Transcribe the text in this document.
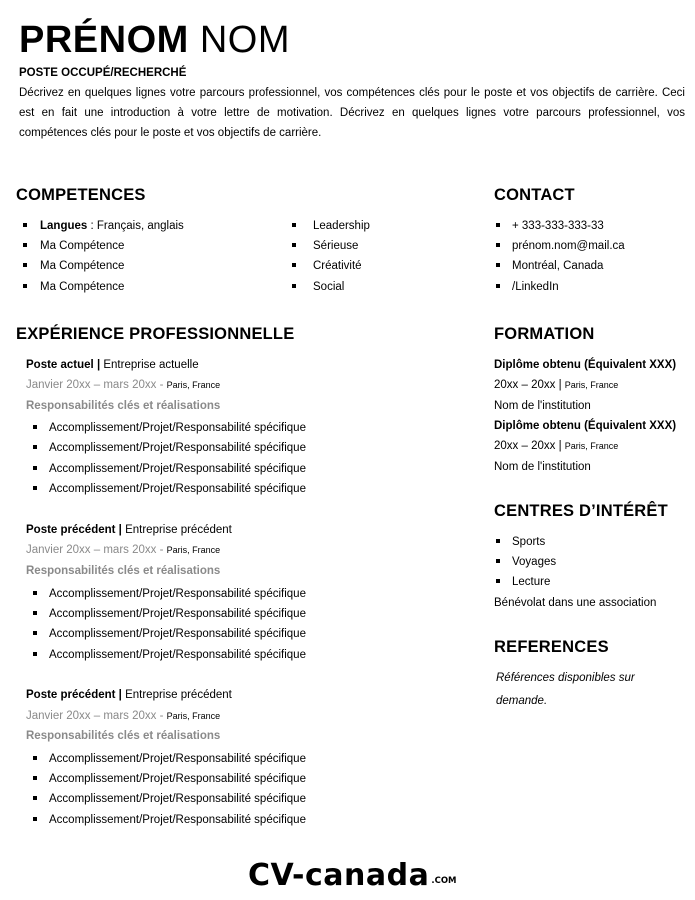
PRÉNOM NOM
POSTE OCCUPÉ/RECHERCHÉ
Décrivez en quelques lignes votre parcours professionnel, vos compétences clés pour le poste et vos objectifs de carrière. Ceci est en fait une introduction à votre lettre de motivation. Décrivez en quelques lignes votre parcours professionnel, vos compétences clés pour le poste et vos objectifs de carrière.
COMPETENCES
Langues : Français, anglais
Ma Compétence
Ma Compétence
Ma Compétence
Leadership
Sérieuse
Créativité
Social
CONTACT
+ 333-333-333-33
prénom.nom@mail.ca
Montréal, Canada
/LinkedIn
EXPÉRIENCE PROFESSIONNELLE
Poste actuel | Entreprise actuelle
Janvier 20xx – mars 20xx - Paris, France
Responsabilités clés et réalisations
Accomplissement/Projet/Responsabilité spécifique
Accomplissement/Projet/Responsabilité spécifique
Accomplissement/Projet/Responsabilité spécifique
Accomplissement/Projet/Responsabilité spécifique
Poste précédent | Entreprise précédent
Janvier 20xx – mars 20xx - Paris, France
Responsabilités clés et réalisations
Accomplissement/Projet/Responsabilité spécifique
Accomplissement/Projet/Responsabilité spécifique
Accomplissement/Projet/Responsabilité spécifique
Accomplissement/Projet/Responsabilité spécifique
Poste précédent | Entreprise précédent
Janvier 20xx – mars 20xx - Paris, France
Responsabilités clés et réalisations
Accomplissement/Projet/Responsabilité spécifique
Accomplissement/Projet/Responsabilité spécifique
Accomplissement/Projet/Responsabilité spécifique
Accomplissement/Projet/Responsabilité spécifique
FORMATION
Diplôme obtenu (Équivalent XXX)
20xx – 20xx | Paris, France
Nom de l'institution
Diplôme obtenu (Équivalent XXX)
20xx – 20xx | Paris, France
Nom de l'institution
CENTRES D’INTÉRÊT
Sports
Voyages
Lecture
Bénévolat dans une association
REFERENCES
Références disponibles sur
demande.
CV-canada .COM
